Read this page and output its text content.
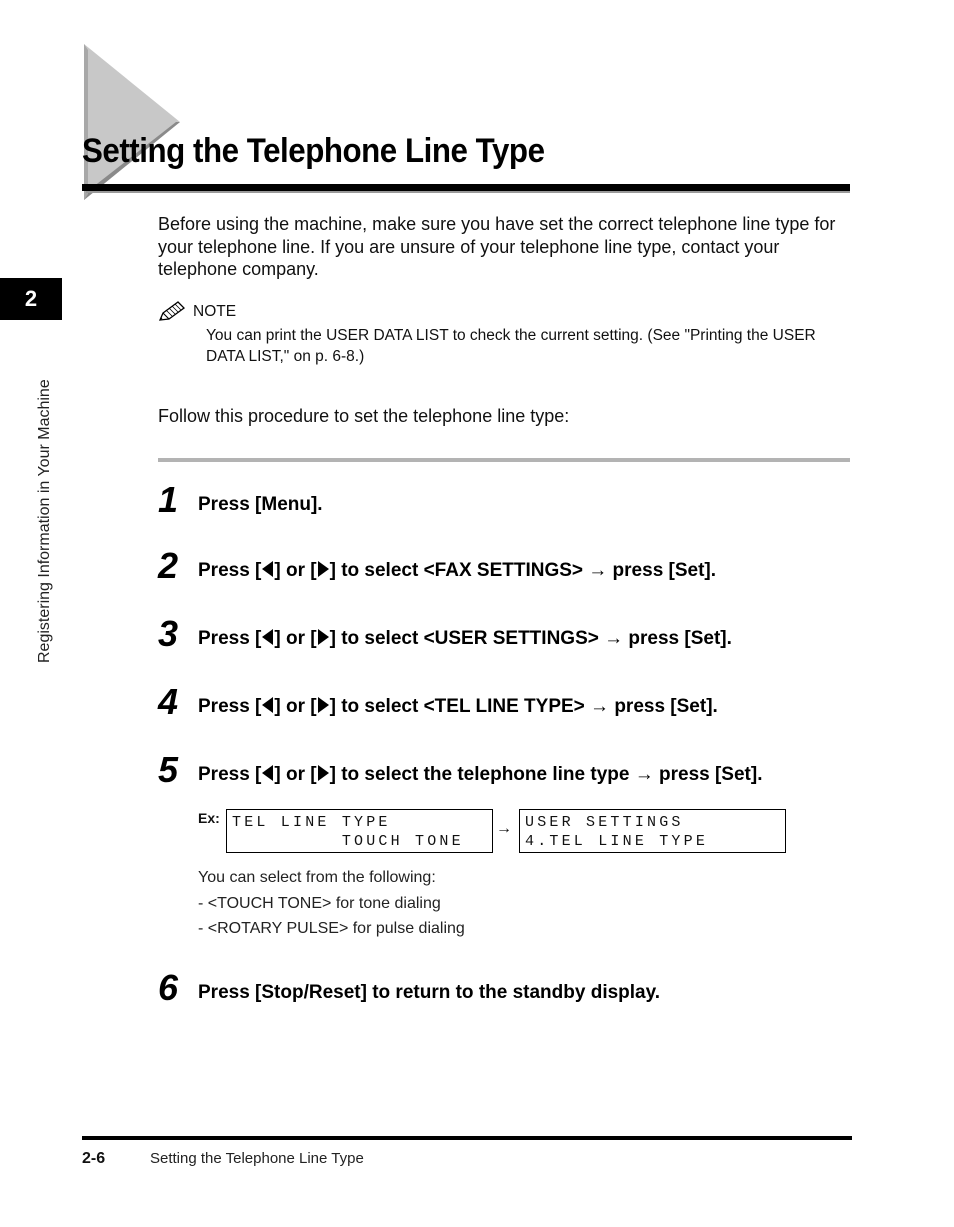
Setting the Telephone Line Type
2
Registering Information in Your Machine

Before using the machine, make sure you have set the correct telephone line type for your telephone line. If you are unsure of your telephone line type, contact your telephone company.

NOTE

You can print the USER DATA LIST to check the current setting. (See "Printing the USER DATA LIST," on p. 6-8.)

Follow this procedure to set the telephone line type:

1 Press [Menu].
2 Press [ ] or [ ] to select <FAX SETTINGS> → press [Set].
3 Press [ ] or [ ] to select <USER SETTINGS> → press [Set].
4 Press [ ] or [ ] to select <TEL LINE TYPE> → press [Set].
5 Press [ ] or [ ] to select the telephone line type → press [Set].
Ex: TEL LINE TYPE
TOUCH TONE
→ USER SETTINGS
4.TEL LINE TYPE

You can select from the following:

- <TOUCH TONE> for tone dialing

- <ROTARY PULSE> for pulse dialing

6 Press [Stop/Reset] to return to the standby display.
2-6	Setting the Telephone Line Type
